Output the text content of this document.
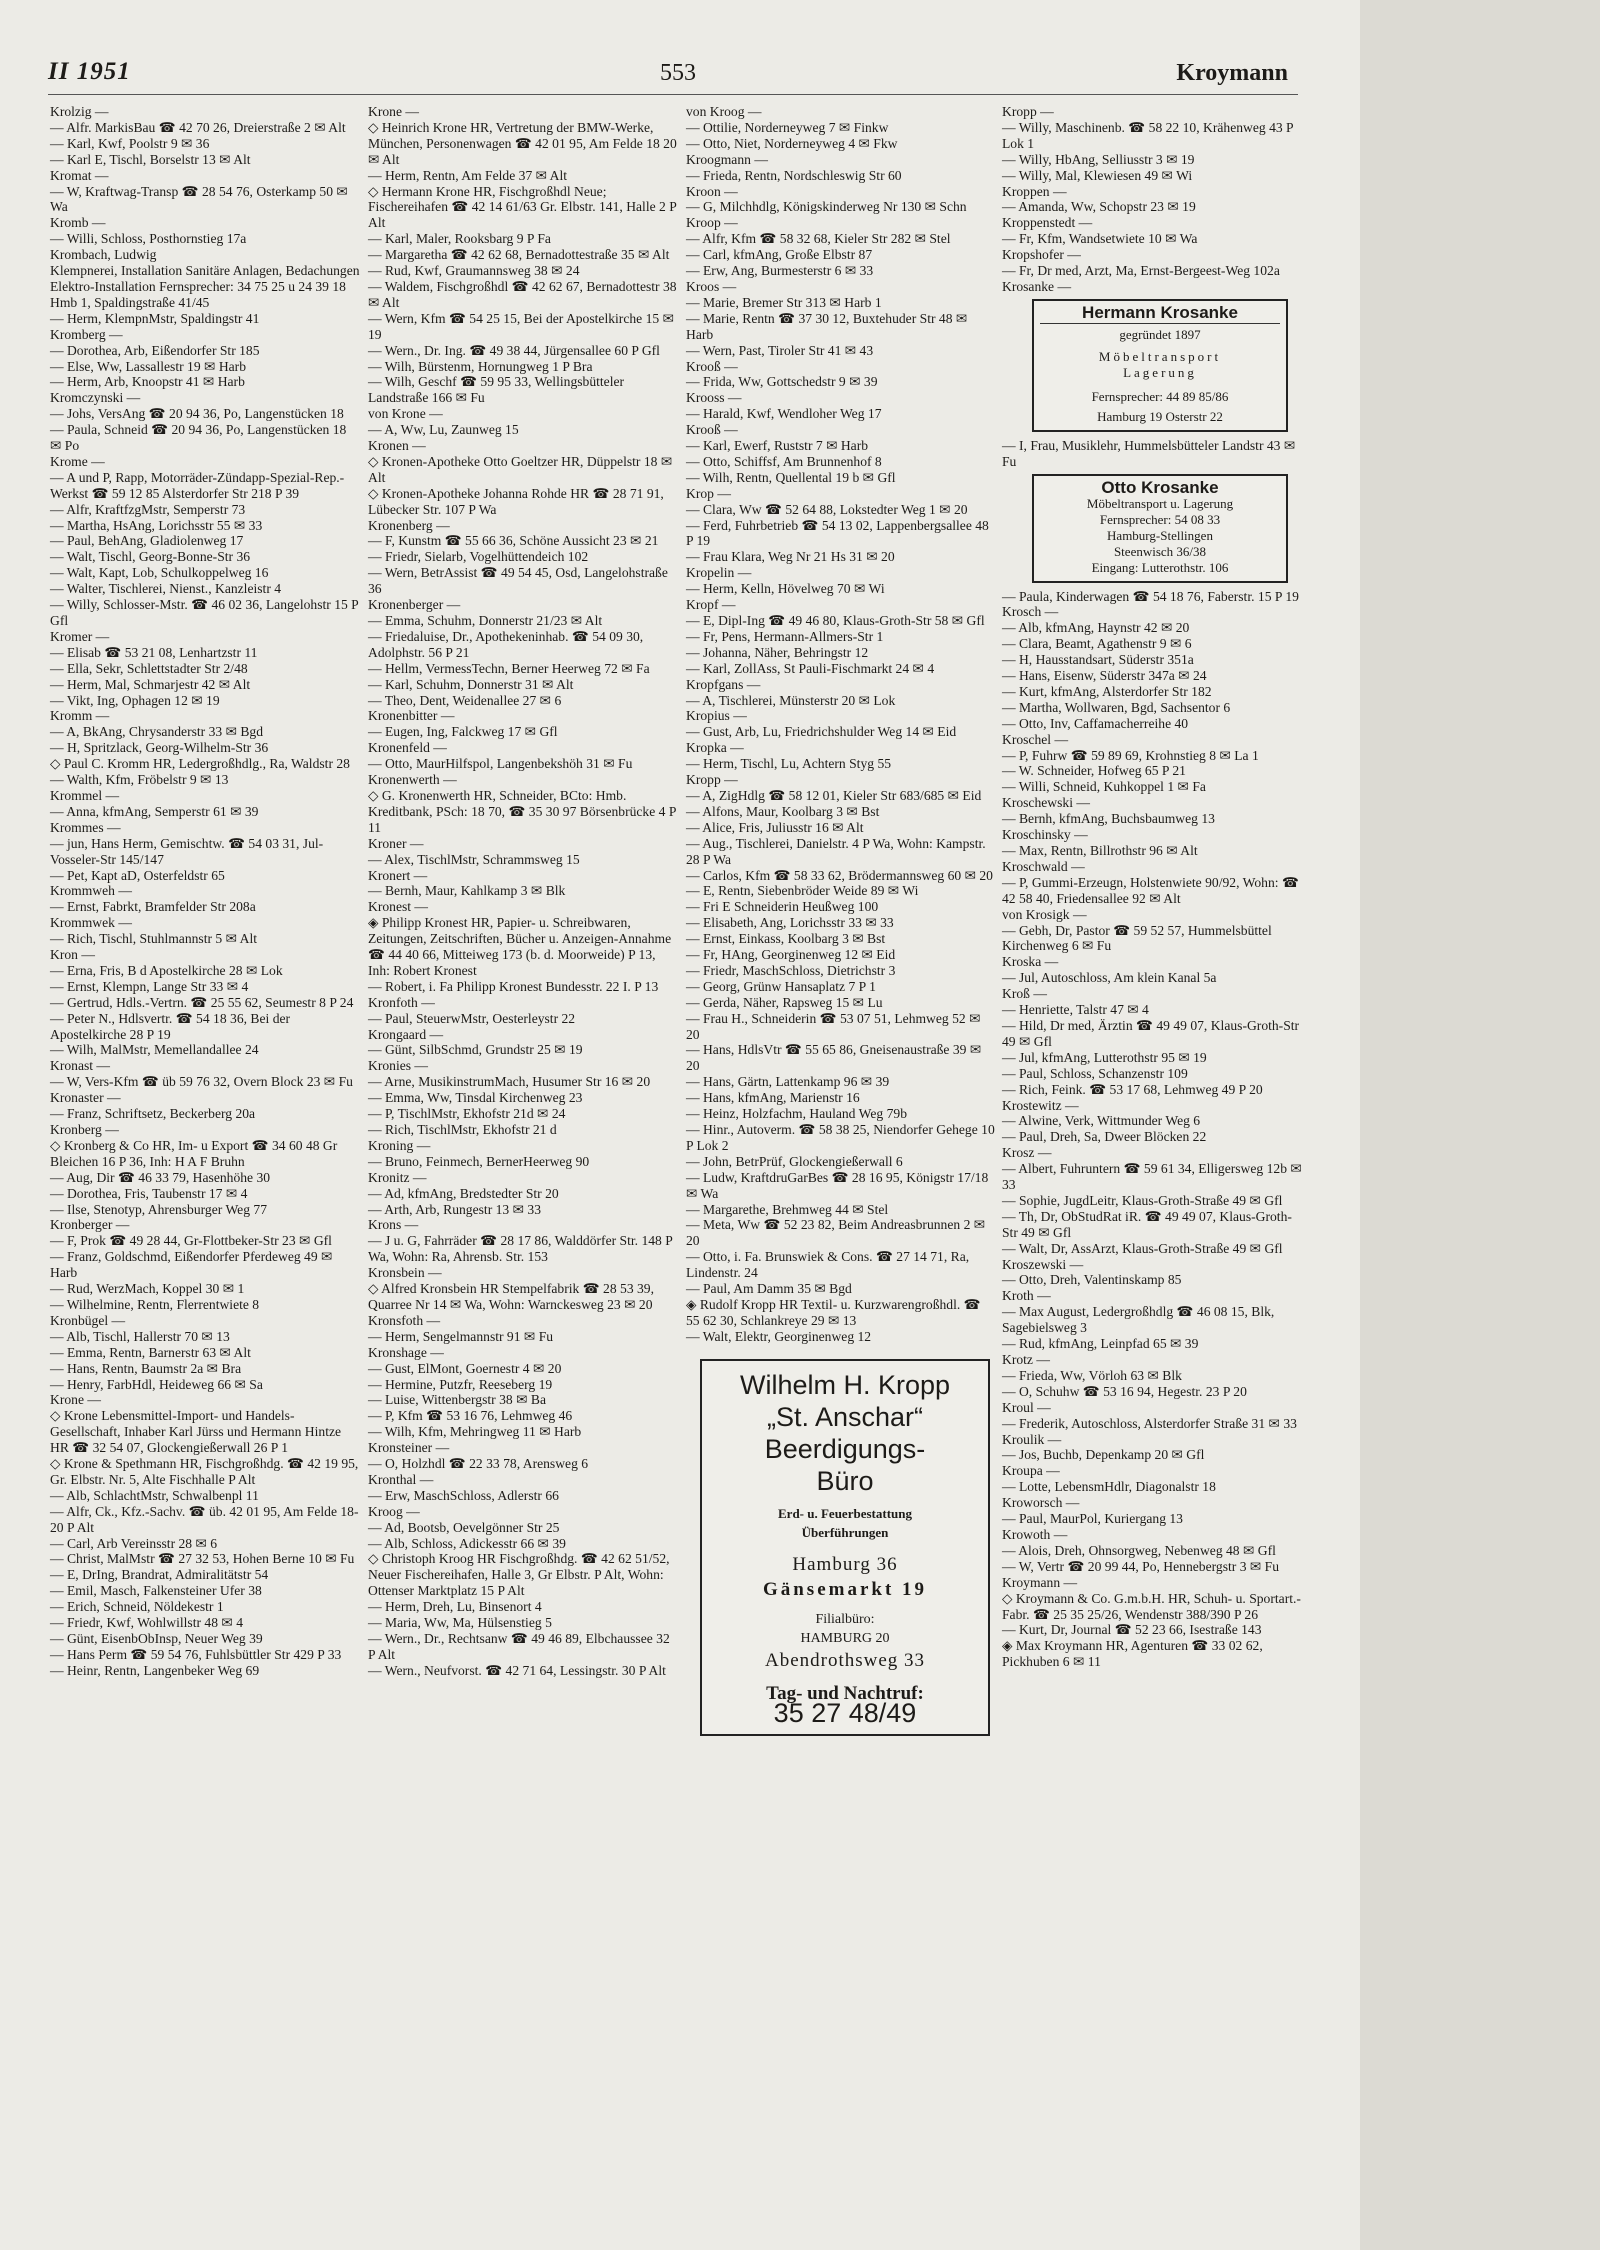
II 1951	553	Kroymann
Krolzig —
— Alfr. MarkisBau ☎ 42 70 26, Dreierstraße 2 ✉ Alt
— Karl, Kwf, Poolstr 9 ✉ 36
— Karl E, Tischl, Borselstr 13 ✉ Alt
Kromat —
— W, Kraftwag-Transp ☎ 28 54 76, Osterkamp 50 ✉ Wa
Kromb —
— Willi, Schloss, Posthornstieg 17a
Krombach, Ludwig
Klempnerei, Installation Sanitäre Anlagen, Bedachungen Elektro-Installation Fernsprecher: 34 75 25 u 24 39 18 Hmb 1, Spaldingstraße 41/45
— Herm, KlempnMstr, Spaldingstr 41
Kromberg —
— Dorothea, Arb, Eißendorfer Str 185
— Else, Ww, Lassallestr 19 ✉ Harb
— Herm, Arb, Knoopstr 41 ✉ Harb
Kromczynski —
— Johs, VersAng ☎ 20 94 36, Po, Langenstücken 18
— Paula, Schneid ☎ 20 94 36, Po, Langenstücken 18 ✉ Po
Krome —
— A und P, Rapp, Motorräder-Zündapp-Spezial-Rep.-Werkst ☎ 59 12 85 Alsterdorfer Str 218 P 39
— Alfr, KraftfzgMstr, Semperstr 73
— Martha, HsAng, Lorichsstr 55 ✉ 33
— Paul, BehAng, Gladiolenweg 17
— Walt, Tischl, Georg-Bonne-Str 36
— Walt, Kapt, Lob, Schulkoppelweg 16
— Walter, Tischlerei, Nienst., Kanzleistr 4
— Willy, Schlosser-Mstr. ☎ 46 02 36, Langelohstr 15 P Gfl
Kromer —
— Elisab ☎ 53 21 08, Lenhartzstr 11
— Ella, Sekr, Schlettstadter Str 2/48
— Herm, Mal, Schmarjestr 42 ✉ Alt
— Vikt, Ing, Ophagen 12 ✉ 19
Kromm —
— A, BkAng, Chrysanderstr 33 ✉ Bgd
— H, Spritzlack, Georg-Wilhelm-Str 36
◇ Paul C. Kromm HR, Ledergroßhdlg., Ra, Waldstr 28
— Walth, Kfm, Fröbelstr 9 ✉ 13
Krommel —
— Anna, kfmAng, Semperstr 61 ✉ 39
Krommes —
— jun, Hans Herm, Gemischtw. ☎ 54 03 31, Jul-Vosseler-Str 145/147
— Pet, Kapt aD, Osterfeldstr 65
Krommweh —
— Ernst, Fabrkt, Bramfelder Str 208a
Krommwek —
— Rich, Tischl, Stuhlmannstr 5 ✉ Alt
Kron —
— Erna, Fris, B d Apostelkirche 28 ✉ Lok
— Ernst, Klempn, Lange Str 33 ✉ 4
— Gertrud, Hdls.-Vertrn. ☎ 25 55 62, Seumestr 8 P 24
— Peter N., Hdlsvertr. ☎ 54 18 36, Bei der Apostelkirche 28 P 19
— Wilh, MalMstr, Memellandallee 24
Kronast —
— W, Vers-Kfm ☎ üb 59 76 32, Overn Block 23 ✉ Fu
Kronaster —
— Franz, Schriftsetz, Beckerberg 20a
Kronberg —
◇ Kronberg & Co HR, Im- u Export ☎ 34 60 48 Gr Bleichen 16 P 36, Inh: H A F Bruhn
— Aug, Dir ☎ 46 33 79, Hasenhöhe 30
— Dorothea, Fris, Taubenstr 17 ✉ 4
— Ilse, Stenotyp, Ahrensburger Weg 77
Kronberger —
— F, Prok ☎ 49 28 44, Gr-Flottbeker-Str 23 ✉ Gfl
— Franz, Goldschmd, Eißendorfer Pferdeweg 49 ✉ Harb
— Rud, WerzMach, Koppel 30 ✉ 1
— Wilhelmine, Rentn, Flerrentwiete 8
Kronbügel —
— Alb, Tischl, Hallerstr 70 ✉ 13
— Emma, Rentn, Barnerstr 63 ✉ Alt
— Hans, Rentn, Baumstr 2a ✉ Bra
— Henry, FarbHdl, Heideweg 66 ✉ Sa
Krone —
◇ Krone Lebensmittel-Import- und Handels-Gesellschaft, Inhaber Karl Jürss und Hermann Hintze HR ☎ 32 54 07, Glockengießerwall 26 P 1
◇ Krone & Spethmann HR, Fischgroßhdg. ☎ 42 19 95, Gr. Elbstr. Nr. 5, Alte Fischhalle P Alt
— Alb, SchlachtMstr, Schwalbenpl 11
— Alfr, Ck., Kfz.-Sachv. ☎ üb. 42 01 95, Am Felde 18-20 P Alt
— Carl, Arb Vereinsstr 28 ✉ 6
— Christ, MalMstr ☎ 27 32 53, Hohen Berne 10 ✉ Fu
— E, DrIng, Brandrat, Admiralitätstr 54
— Emil, Masch, Falkensteiner Ufer 38
— Erich, Schneid, Nöldekestr 1
— Friedr, Kwf, Wohlwillstr 48 ✉ 4
— Günt, EisenbObInsp, Neuer Weg 39
— Hans Perm ☎ 59 54 76, Fuhlsbüttler Str 429 P 33
— Heinr, Rentn, Langenbeker Weg 69
Krone —
◇ Heinrich Krone HR, Vertretung der BMW-Werke, München, Personenwagen ☎ 42 01 95, Am Felde 18 20 ✉ Alt
— Herm, Rentn, Am Felde 37 ✉ Alt
◇ Hermann Krone HR, Fischgroßhdl Neue; Fischereihafen ☎ 42 14 61/63 Gr. Elbstr. 141, Halle 2 P Alt
— Karl, Maler, Rooksbarg 9 P Fa
— Margaretha ☎ 42 62 68, Bernadottestraße 35 ✉ Alt
— Rud, Kwf, Graumannsweg 38 ✉ 24
— Waldem, Fischgroßhdl ☎ 42 62 67, Bernadottestr 38 ✉ Alt
— Wern, Kfm ☎ 54 25 15, Bei der Apostelkirche 15 ✉ 19
— Wern., Dr. Ing. ☎ 49 38 44, Jürgensallee 60 P Gfl
— Wilh, Bürstenm, Hornungweg 1 P Bra
— Wilh, Geschf ☎ 59 95 33, Wellingsbütteler Landstraße 166 ✉ Fu
von Krone —
— A, Ww, Lu, Zaunweg 15
Kronen —
◇ Kronen-Apotheke Otto Goeltzer HR, Düppelstr 18 ✉ Alt
◇ Kronen-Apotheke Johanna Rohde HR ☎ 28 71 91, Lübecker Str. 107 P Wa
Kronenberg —
— F, Kunstm ☎ 55 66 36, Schöne Aussicht 23 ✉ 21
— Friedr, Sielarb, Vogelhüttendeich 102
— Wern, BetrAssist ☎ 49 54 45, Osd, Langelohstraße 36
Kronenberger —
— Emma, Schuhm, Donnerstr 21/23 ✉ Alt
— Friedaluise, Dr., Apothekeninhab. ☎ 54 09 30, Adolphstr. 56 P 21
— Hellm, VermessTechn, Berner Heerweg 72 ✉ Fa
— Karl, Schuhm, Donnerstr 31 ✉ Alt
— Theo, Dent, Weidenallee 27 ✉ 6
Kronenbitter —
— Eugen, Ing, Falckweg 17 ✉ Gfl
Kronenfeld —
— Otto, MaurHilfspol, Langenbekshöh 31 ✉ Fu
Kronenwerth —
◇ G. Kronenwerth HR, Schneider, BCto: Hmb. Kreditbank, PSch: 18 70, ☎ 35 30 97 Börsenbrücke 4 P 11
Kroner —
— Alex, TischlMstr, Schrammsweg 15
Kronert —
— Bernh, Maur, Kahlkamp 3 ✉ Blk
Kronest —
◈ Philipp Kronest HR, Papier- u. Schreibwaren, Zeitungen, Zeitschriften, Bücher u. Anzeigen-Annahme ☎ 44 40 66, Mitteiweg 173 (b. d. Moorweide) P 13, Inh: Robert Kronest
— Robert, i. Fa Philipp Kronest Bundesstr. 22 I. P 13
Kronfoth —
— Paul, SteuerwMstr, Oesterleystr 22
Krongaard —
— Günt, SilbSchmd, Grundstr 25 ✉ 19
Kronies —
— Arne, MusikinstrumMach, Husumer Str 16 ✉ 20
— Emma, Ww, Tinsdal Kirchenweg 23
— P, TischlMstr, Ekhofstr 21d ✉ 24
— Rich, TischlMstr, Ekhofstr 21 d
Kroning —
— Bruno, Feinmech, BernerHeerweg 90
Kronitz —
— Ad, kfmAng, Bredstedter Str 20
— Arth, Arb, Rungestr 13 ✉ 33
Krons —
— J u. G, Fahrräder ☎ 28 17 86, Walddörfer Str. 148 P Wa, Wohn: Ra, Ahrensb. Str. 153
Kronsbein —
◇ Alfred Kronsbein HR Stempelfabrik ☎ 28 53 39, Quarree Nr 14 ✉ Wa, Wohn: Warnckesweg 23 ✉ 20
Kronsfoth —
— Herm, Sengelmannstr 91 ✉ Fu
Kronshage —
— Gust, ElMont, Goernestr 4 ✉ 20
— Hermine, Putzfr, Reeseberg 19
— Luise, Wittenbergstr 38 ✉ Ba
— P, Kfm ☎ 53 16 76, Lehmweg 46
— Wilh, Kfm, Mehringweg 11 ✉ Harb
Kronsteiner —
— O, Holzhdl ☎ 22 33 78, Arensweg 6
Kronthal —
— Erw, MaschSchloss, Adlerstr 66
Kroog —
— Ad, Bootsb, Oevelgönner Str 25
— Alb, Schloss, Adickesstr 66 ✉ 39
◇ Christoph Kroog HR Fischgroßhdg. ☎ 42 62 51/52, Neuer Fischereihafen, Halle 3, Gr Elbstr. P Alt, Wohn: Ottenser Marktplatz 15 P Alt
— Herm, Dreh, Lu, Binsenort 4
— Maria, Ww, Ma, Hülsenstieg 5
— Wern., Dr., Rechtsanw ☎ 49 46 89, Elbchaussee 32 P Alt
— Wern., Neufvorst. ☎ 42 71 64, Lessingstr. 30 P Alt
von Kroog —
— Ottilie, Norderneyweg 7 ✉ Finkw
— Otto, Niet, Norderneyweg 4 ✉ Fkw
Kroogmann —
— Frieda, Rentn, Nordschleswig Str 60
Kroon —
— G, Milchhdlg, Königskinderweg Nr 130 ✉ Schn
Kroop —
— Alfr, Kfm ☎ 58 32 68, Kieler Str 282 ✉ Stel
— Carl, kfmAng, Große Elbstr 87
— Erw, Ang, Burmesterstr 6 ✉ 33
Kroos —
— Marie, Bremer Str 313 ✉ Harb 1
— Marie, Rentn ☎ 37 30 12, Buxtehuder Str 48 ✉ Harb
— Wern, Past, Tiroler Str 41 ✉ 43
Krooß —
— Frida, Ww, Gottschedstr 9 ✉ 39
Krooss —
— Harald, Kwf, Wendloher Weg 17
Krooß —
— Karl, Ewerf, Ruststr 7 ✉ Harb
— Otto, Schiffsf, Am Brunnenhof 8
— Wilh, Rentn, Quellental 19 b ✉ Gfl
Krop —
— Clara, Ww ☎ 52 64 88, Lokstedter Weg 1 ✉ 20
— Ferd, Fuhrbetrieb ☎ 54 13 02, Lappenbergsallee 48 P 19
— Frau Klara, Weg Nr 21 Hs 31 ✉ 20
Kropelin —
— Herm, Kelln, Hövelweg 70 ✉ Wi
Kropf —
— E, Dipl-Ing ☎ 49 46 80, Klaus-Groth-Str 58 ✉ Gfl
— Fr, Pens, Hermann-Allmers-Str 1
— Johanna, Näher, Behringstr 12
— Karl, ZollAss, St Pauli-Fischmarkt 24 ✉ 4
Kropfgans —
— A, Tischlerei, Münsterstr 20 ✉ Lok
Kropius —
— Gust, Arb, Lu, Friedrichshulder Weg 14 ✉ Eid
Kropka —
— Herm, Tischl, Lu, Achtern Styg 55
Kropp —
— A, ZigHdlg ☎ 58 12 01, Kieler Str 683/685 ✉ Eid
— Alfons, Maur, Koolbarg 3 ✉ Bst
— Alice, Fris, Juliusstr 16 ✉ Alt
— Aug., Tischlerei, Danielstr. 4 P Wa, Wohn: Kampstr. 28 P Wa
— Carlos, Kfm ☎ 58 33 62, Brödermannsweg 60 ✉ 20
— E, Rentn, Siebenbröder Weide 89 ✉ Wi
— Fri E Schneiderin Heußweg 100
— Elisabeth, Ang, Lorichsstr 33 ✉ 33
— Ernst, Einkass, Koolbarg 3 ✉ Bst
— Fr, HAng, Georginenweg 12 ✉ Eid
— Friedr, MaschSchloss, Dietrichstr 3
— Georg, Grünw Hansaplatz 7 P 1
— Gerda, Näher, Rapsweg 15 ✉ Lu
— Frau H., Schneiderin ☎ 53 07 51, Lehmweg 52 ✉ 20
— Hans, HdlsVtr ☎ 55 65 86, Gneisenaustraße 39 ✉ 20
— Hans, Gärtn, Lattenkamp 96 ✉ 39
— Hans, kfmAng, Marienstr 16
— Heinz, Holzfachm, Hauland Weg 79b
— Hinr., Autoverm. ☎ 58 38 25, Niendorfer Gehege 10 P Lok 2
— John, BetrPrüf, Glockengießerwall 6
— Ludw, KraftdruGarBes ☎ 28 16 95, Königstr 17/18 ✉ Wa
— Margarethe, Brehmweg 44 ✉ Stel
— Meta, Ww ☎ 52 23 82, Beim Andreasbrunnen 2 ✉ 20
— Otto, i. Fa. Brunswiek & Cons. ☎ 27 14 71, Ra, Lindenstr. 24
— Paul, Am Damm 35 ✉ Bgd
◈ Rudolf Kropp HR Textil- u. Kurzwarengroßhdl. ☎ 55 62 30, Schlankreye 29 ✉ 13
— Walt, Elektr, Georginenweg 12
Wilhelm H. Kropp
„St. Anschar“
Beerdigungs-
Büro
Erd- u. Feuerbestattung
Überführungen
Hamburg 36
Gänsemarkt 19
Filialbüro:
HAMBURG 20
Abendrothsweg 33
Tag- und Nachtruf:
35 27 48/49
Kropp —
— Willy, Maschinenb. ☎ 58 22 10, Krähenweg 43 P Lok 1
— Willy, HbAng, Selliusstr 3 ✉ 19
— Willy, Mal, Klewiesen 49 ✉ Wi
Kroppen —
— Amanda, Ww, Schopstr 23 ✉ 19
Kroppenstedt —
— Fr, Kfm, Wandsetwiete 10 ✉ Wa
Kropshofer —
— Fr, Dr med, Arzt, Ma, Ernst-Bergeest-Weg 102a
Krosanke —
Hermann Krosanke
gegründet 1897
Möbeltransport
Lagerung
Fernsprecher: 44 89 85/86
Hamburg 19 Osterstr 22
— I, Frau, Musiklehr, Hummelsbütteler Landstr 43 ✉ Fu
Otto Krosanke
Möbeltransport u. Lagerung
Fernsprecher: 54 08 33
Hamburg-Stellingen
Steenwisch 36/38
Eingang: Lutterothstr. 106
— Paula, Kinderwagen ☎ 54 18 76, Faberstr. 15 P 19
Krosch —
— Alb, kfmAng, Haynstr 42 ✉ 20
— Clara, Beamt, Agathenstr 9 ✉ 6
— H, Hausstandsart, Süderstr 351a
— Hans, Eisenw, Süderstr 347a ✉ 24
— Kurt, kfmAng, Alsterdorfer Str 182
— Martha, Wollwaren, Bgd, Sachsentor 6
— Otto, Inv, Caffamacherreihe 40
Kroschel —
— P, Fuhrw ☎ 59 89 69, Krohnstieg 8 ✉ La 1
— W. Schneider, Hofweg 65 P 21
— Willi, Schneid, Kuhkoppel 1 ✉ Fa
Kroschewski —
— Bernh, kfmAng, Buchsbaumweg 13
Kroschinsky —
— Max, Rentn, Billrothstr 96 ✉ Alt
Kroschwald —
— P, Gummi-Erzeugn, Holstenwiete 90/92, Wohn: ☎ 42 58 40, Friedensallee 92 ✉ Alt
von Krosigk —
— Gebh, Dr, Pastor ☎ 59 52 57, Hummelsbüttel Kirchenweg 6 ✉ Fu
Kroska —
— Jul, Autoschloss, Am klein Kanal 5a
Kroß —
— Henriette, Talstr 47 ✉ 4
— Hild, Dr med, Ärztin ☎ 49 49 07, Klaus-Groth-Str 49 ✉ Gfl
— Jul, kfmAng, Lutterothstr 95 ✉ 19
— Paul, Schloss, Schanzenstr 109
— Rich, Feink. ☎ 53 17 68, Lehmweg 49 P 20
Krostewitz —
— Alwine, Verk, Wittmunder Weg 6
— Paul, Dreh, Sa, Dweer Blöcken 22
Krosz —
— Albert, Fuhruntern ☎ 59 61 34, Elligersweg 12b ✉ 33
— Sophie, JugdLeitr, Klaus-Groth-Straße 49 ✉ Gfl
— Th, Dr, ObStudRat iR. ☎ 49 49 07, Klaus-Groth-Str 49 ✉ Gfl
— Walt, Dr, AssArzt, Klaus-Groth-Straße 49 ✉ Gfl
Kroszewski —
— Otto, Dreh, Valentinskamp 85
Kroth —
— Max August, Ledergroßhdlg ☎ 46 08 15, Blk, Sagebielsweg 3
— Rud, kfmAng, Leinpfad 65 ✉ 39
Krotz —
— Frieda, Ww, Vörloh 63 ✉ Blk
— O, Schuhw ☎ 53 16 94, Hegestr. 23 P 20
Kroul —
— Frederik, Autoschloss, Alsterdorfer Straße 31 ✉ 33
Kroulik —
— Jos, Buchb, Depenkamp 20 ✉ Gfl
Kroupa —
— Lotte, LebensmHdlr, Diagonalstr 18
Kroworsch —
— Paul, MaurPol, Kuriergang 13
Krowoth —
— Alois, Dreh, Ohnsorgweg, Nebenweg 48 ✉ Gfl
— W, Vertr ☎ 20 99 44, Po, Hennebergstr 3 ✉ Fu
Kroymann —
◇ Kroymann & Co. G.m.b.H. HR, Schuh- u. Sportart.-Fabr. ☎ 25 35 25/26, Wendenstr 388/390 P 26
— Kurt, Dr, Journal ☎ 52 23 66, Isestraße 143
◈ Max Kroymann HR, Agenturen ☎ 33 02 62, Pickhuben 6 ✉ 11
